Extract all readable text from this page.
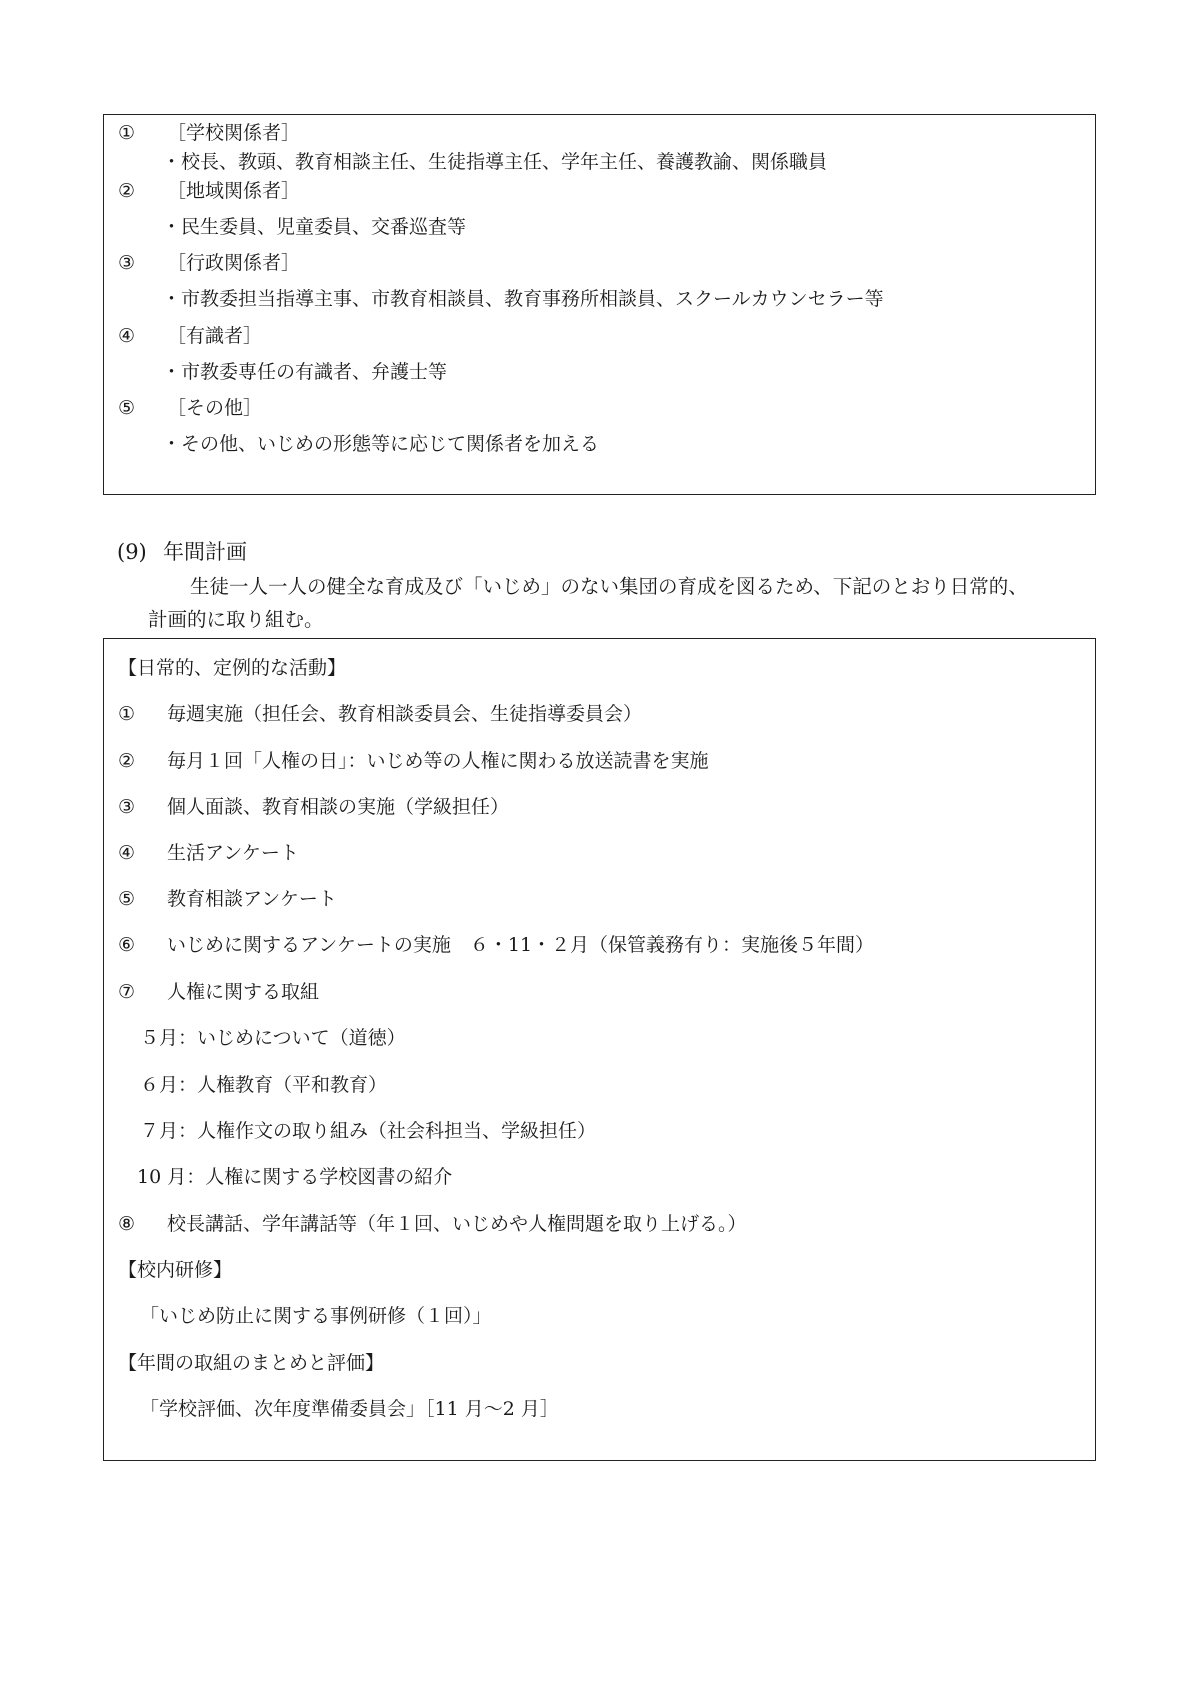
① ［学校関係者］
・校長、教頭、教育相談主任、生徒指導主任、学年主任、養護教諭、関係職員
② ［地域関係者］
・民生委員、児童委員、交番巡査等
③ ［行政関係者］
・市教委担当指導主事、市教育相談員、教育事務所相談員、スクールカウンセラー等
④ ［有識者］
・市教委専任の有識者、弁護士等
⑤ ［その他］
・その他、いじめの形態等に応じて関係者を加える
(9) 年間計画
生徒一人一人の健全な育成及び「いじめ」のない集団の育成を図るため、下記のとおり日常的、
計画的に取り組む。
【日常的、定例的な活動】
① 毎週実施（担任会、教育相談委員会、生徒指導委員会）
② 毎月１回「人権の日」：いじめ等の人権に関わる放送読書を実施
③ 個人面談、教育相談の実施（学級担任）
④ 生活アンケート
⑤ 教育相談アンケート
⑥ いじめに関するアンケートの実施　６・11・２月（保管義務有り：実施後５年間）
⑦ 人権に関する取組
５月：いじめについて（道徳）
６月：人権教育（平和教育）
７月：人権作文の取り組み（社会科担当、学級担任）
10 月：人権に関する学校図書の紹介
⑧ 校長講話、学年講話等（年１回、いじめや人権問題を取り上げる。）
【校内研修】
「いじめ防止に関する事例研修（１回）」
【年間の取組のまとめと評価】
「学校評価、次年度準備委員会」［11 月～2 月］
